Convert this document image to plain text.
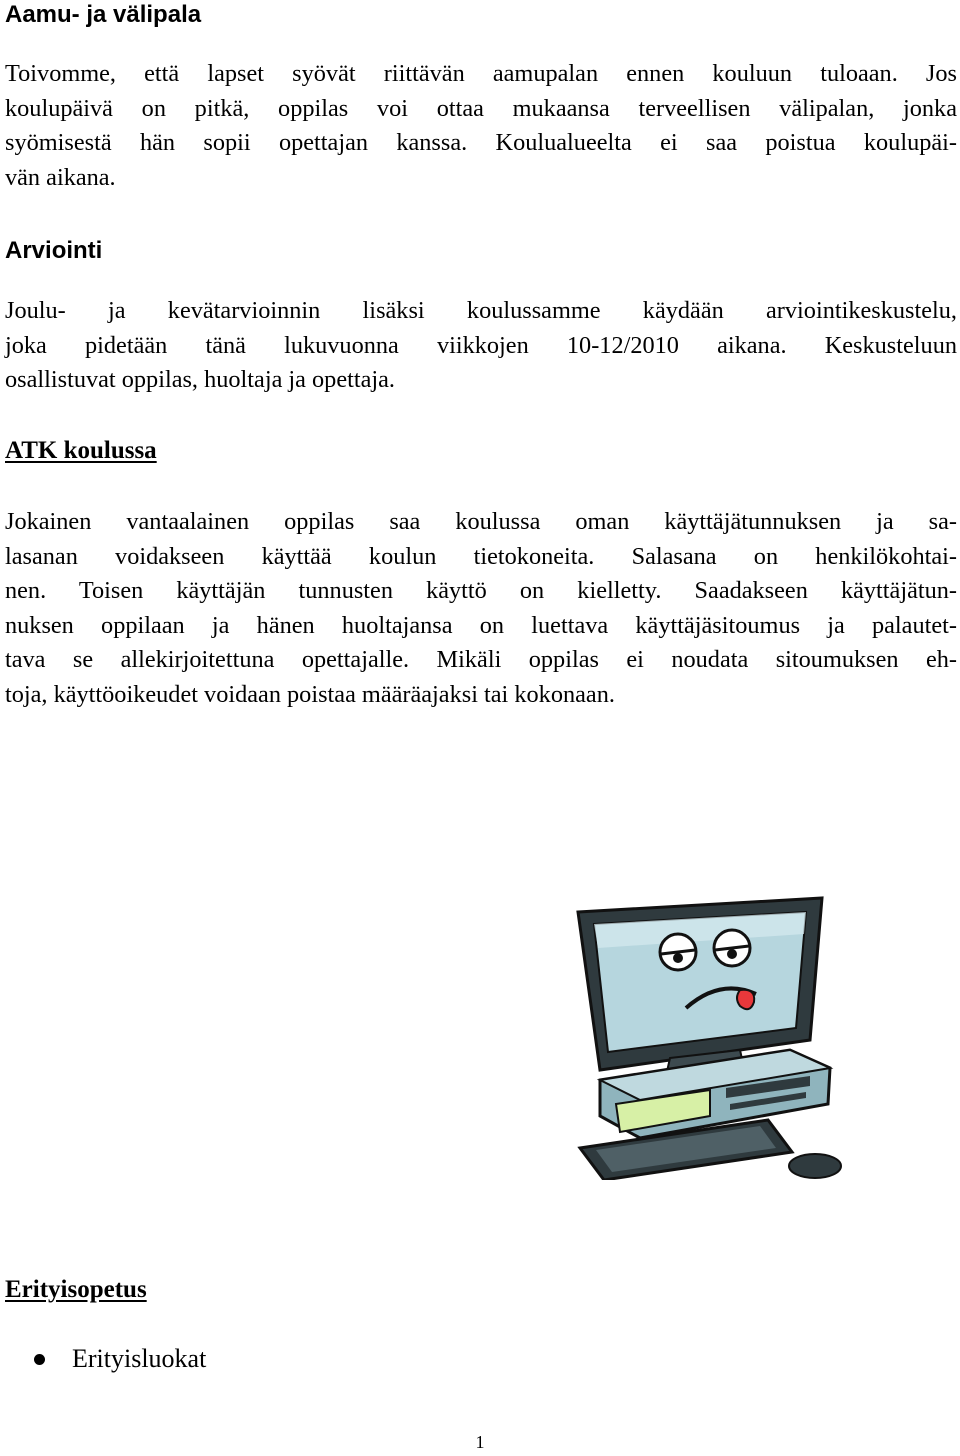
Aamu- ja välipala

Toivomme, että lapset syövät riittävän aamupalan ennen kouluun tuloaan. Jos
koulupäivä on pitkä, oppilas voi ottaa mukaansa terveellisen välipalan, jonka
syömisestä hän sopii opettajan kanssa. Koulualueelta ei saa poistua koulupäi-
vän aikana.

Arviointi

Joulu- ja kevätarvioinnin lisäksi koulussamme käydään arviointikeskustelu,
joka pidetään tänä lukuvuonna viikkojen 10-12/2010 aikana. Keskusteluun
osallistuvat oppilas, huoltaja ja opettaja.

ATK koulussa

Jokainen vantaalainen oppilas saa koulussa oman käyttäjätunnuksen ja sa-
lasanan voidakseen käyttää koulun tietokoneita. Salasana on henkilökohtai-
nen. Toisen käyttäjän tunnusten käyttö on kielletty. Saadakseen käyttäjätun-
nuksen oppilaan ja hänen huoltajansa on luettava käyttäjäsitoumus ja palautet-
tava se allekirjoitettuna opettajalle. Mikäli oppilas ei noudata sitoumuksen eh-
toja, käyttöoikeudet voidaan poistaa määräajaksi tai kokonaan.

Erityisopetus
Erityisluokat
1
